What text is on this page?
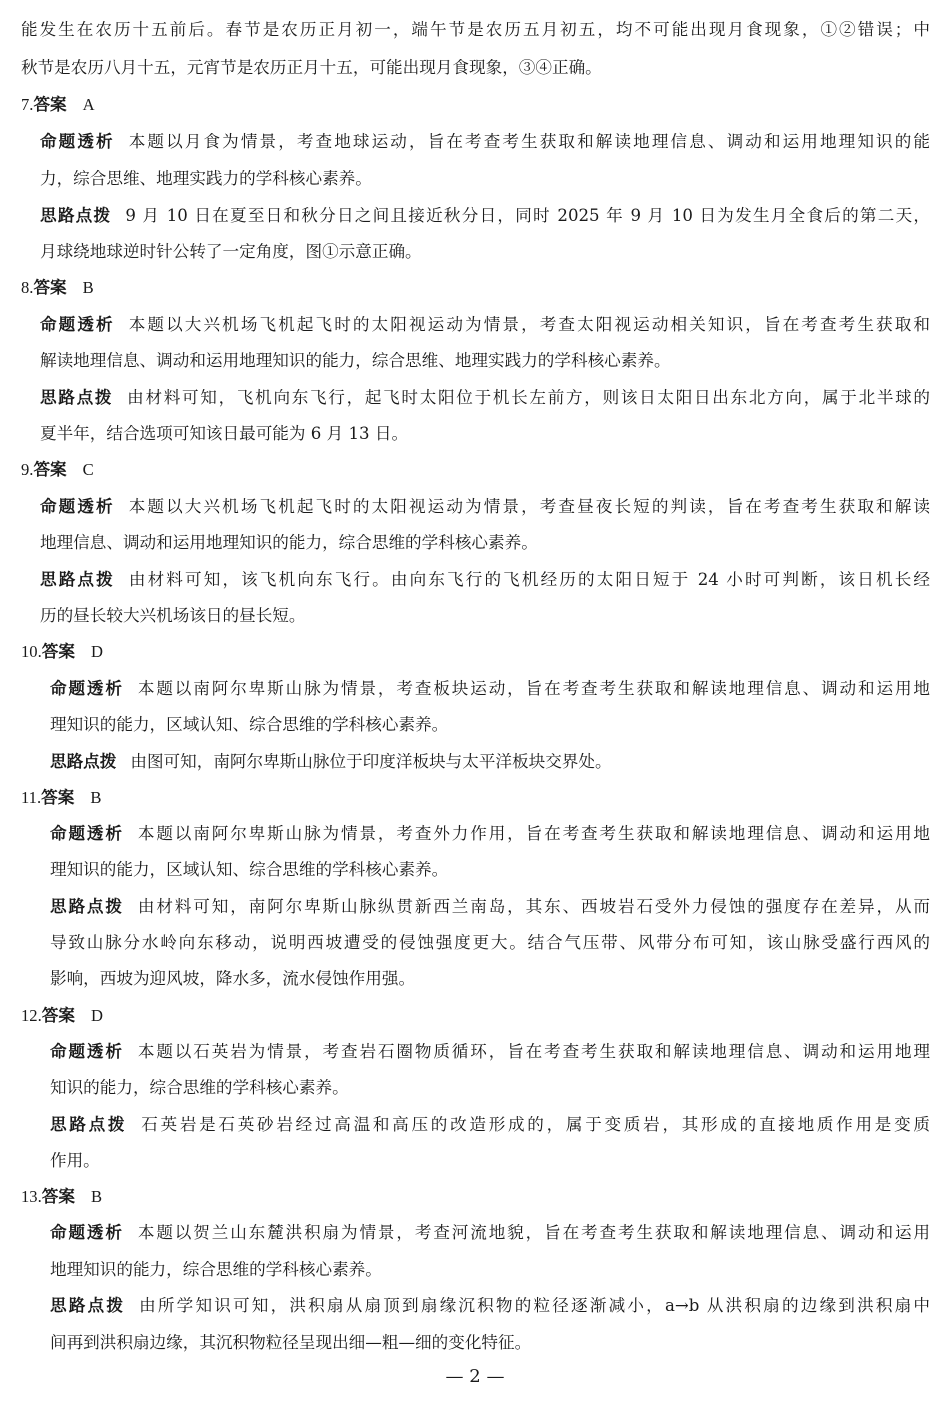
能发生在农历十五前后。春节是农历正月初一，端午节是农历五月初五，均不可能出现月食现象，①②错误；中
秋节是农历八月十五，元宵节是农历正月十五，可能出现月食现象，③④正确。
7.答案 A
命题透析 本题以月食为情景，考查地球运动，旨在考查考生获取和解读地理信息、调动和运用地理知识的能
力，综合思维、地理实践力的学科核心素养。
思路点拨 9 月 10 日在夏至日和秋分日之间且接近秋分日，同时 2025 年 9 月 10 日为发生月全食后的第二天，
月球绕地球逆时针公转了一定角度，图①示意正确。
8.答案 B
命题透析 本题以大兴机场飞机起飞时的太阳视运动为情景，考查太阳视运动相关知识，旨在考查考生获取和
解读地理信息、调动和运用地理知识的能力，综合思维、地理实践力的学科核心素养。
思路点拨 由材料可知，飞机向东飞行，起飞时太阳位于机长左前方，则该日太阳日出东北方向，属于北半球的
夏半年，结合选项可知该日最可能为 6 月 13 日。
9.答案 C
命题透析 本题以大兴机场飞机起飞时的太阳视运动为情景，考查昼夜长短的判读，旨在考查考生获取和解读
地理信息、调动和运用地理知识的能力，综合思维的学科核心素养。
思路点拨 由材料可知，该飞机向东飞行。由向东飞行的飞机经历的太阳日短于 24 小时可判断，该日机长经
历的昼长较大兴机场该日的昼长短。
10.答案 D
命题透析 本题以南阿尔卑斯山脉为情景，考查板块运动，旨在考查考生获取和解读地理信息、调动和运用地
理知识的能力，区域认知、综合思维的学科核心素养。
思路点拨 由图可知，南阿尔卑斯山脉位于印度洋板块与太平洋板块交界处。
11.答案 B
命题透析 本题以南阿尔卑斯山脉为情景，考查外力作用，旨在考查考生获取和解读地理信息、调动和运用地
理知识的能力，区域认知、综合思维的学科核心素养。
思路点拨 由材料可知，南阿尔卑斯山脉纵贯新西兰南岛，其东、西坡岩石受外力侵蚀的强度存在差异，从而
导致山脉分水岭向东移动，说明西坡遭受的侵蚀强度更大。结合气压带、风带分布可知，该山脉受盛行西风的
影响，西坡为迎风坡，降水多，流水侵蚀作用强。
12.答案 D
命题透析 本题以石英岩为情景，考查岩石圈物质循环，旨在考查考生获取和解读地理信息、调动和运用地理
知识的能力，综合思维的学科核心素养。
思路点拨 石英岩是石英砂岩经过高温和高压的改造形成的，属于变质岩，其形成的直接地质作用是变质
作用。
13.答案 B
命题透析 本题以贺兰山东麓洪积扇为情景，考查河流地貌，旨在考查考生获取和解读地理信息、调动和运用
地理知识的能力，综合思维的学科核心素养。
思路点拨 由所学知识可知，洪积扇从扇顶到扇缘沉积物的粒径逐渐减小，a→b 从洪积扇的边缘到洪积扇中
间再到洪积扇边缘，其沉积物粒径呈现出细—粗—细的变化特征。
— 2 —
